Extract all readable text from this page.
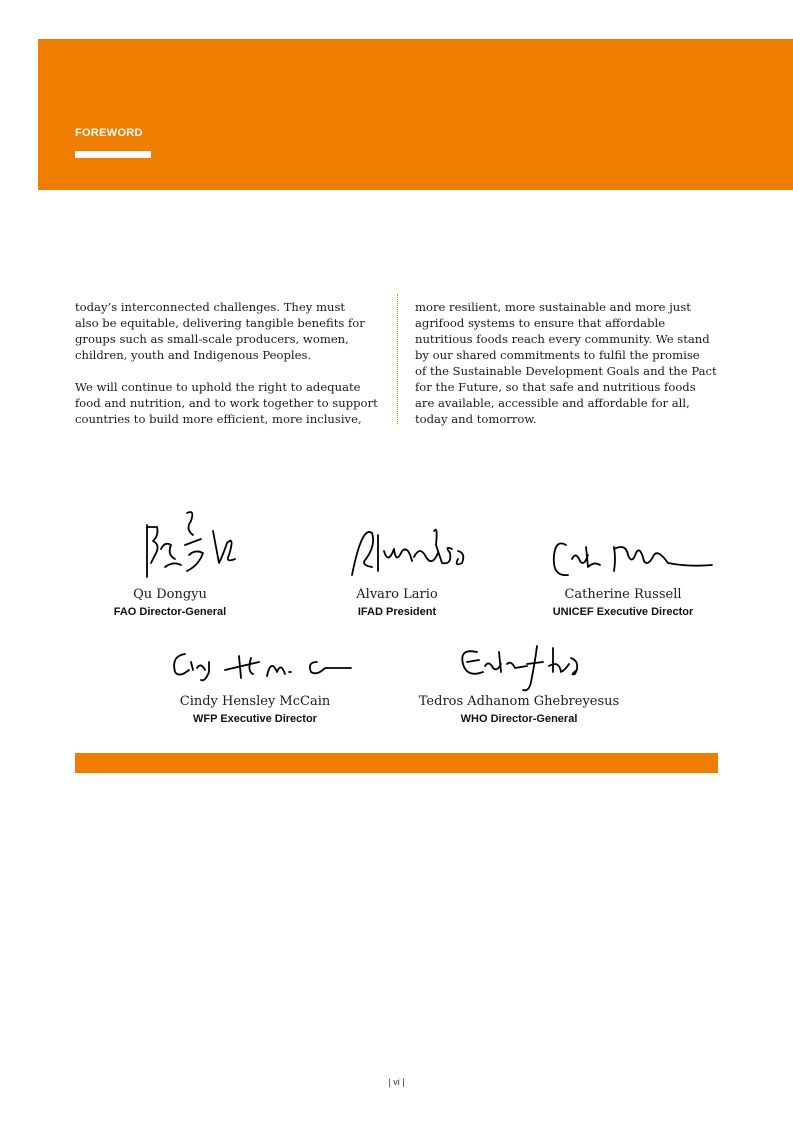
FOREWORD

today’s interconnected challenges. They must
also be equitable, delivering tangible benefits for
groups such as small-scale producers, women,
children, youth and Indigenous Peoples.

We will continue to uphold the right to adequate
food and nutrition, and to work together to support
countries to build more efficient, more inclusive,

more resilient, more sustainable and more just
agrifood systems to ensure that affordable
nutritious foods reach every community. We stand
by our shared commitments to fulfil the promise
of the Sustainable Development Goals and the Pact
for the Future, so that safe and nutritious foods
are available, accessible and affordable for all,
today and tomorrow.

Qu Dongyu
FAO Director-General
Alvaro Lario
IFAD President
Catherine Russell
UNICEF Executive Director
Cindy Hensley McCain
WFP Executive Director
Tedros Adhanom Ghebreyesus
WHO Director-General
| vi |
